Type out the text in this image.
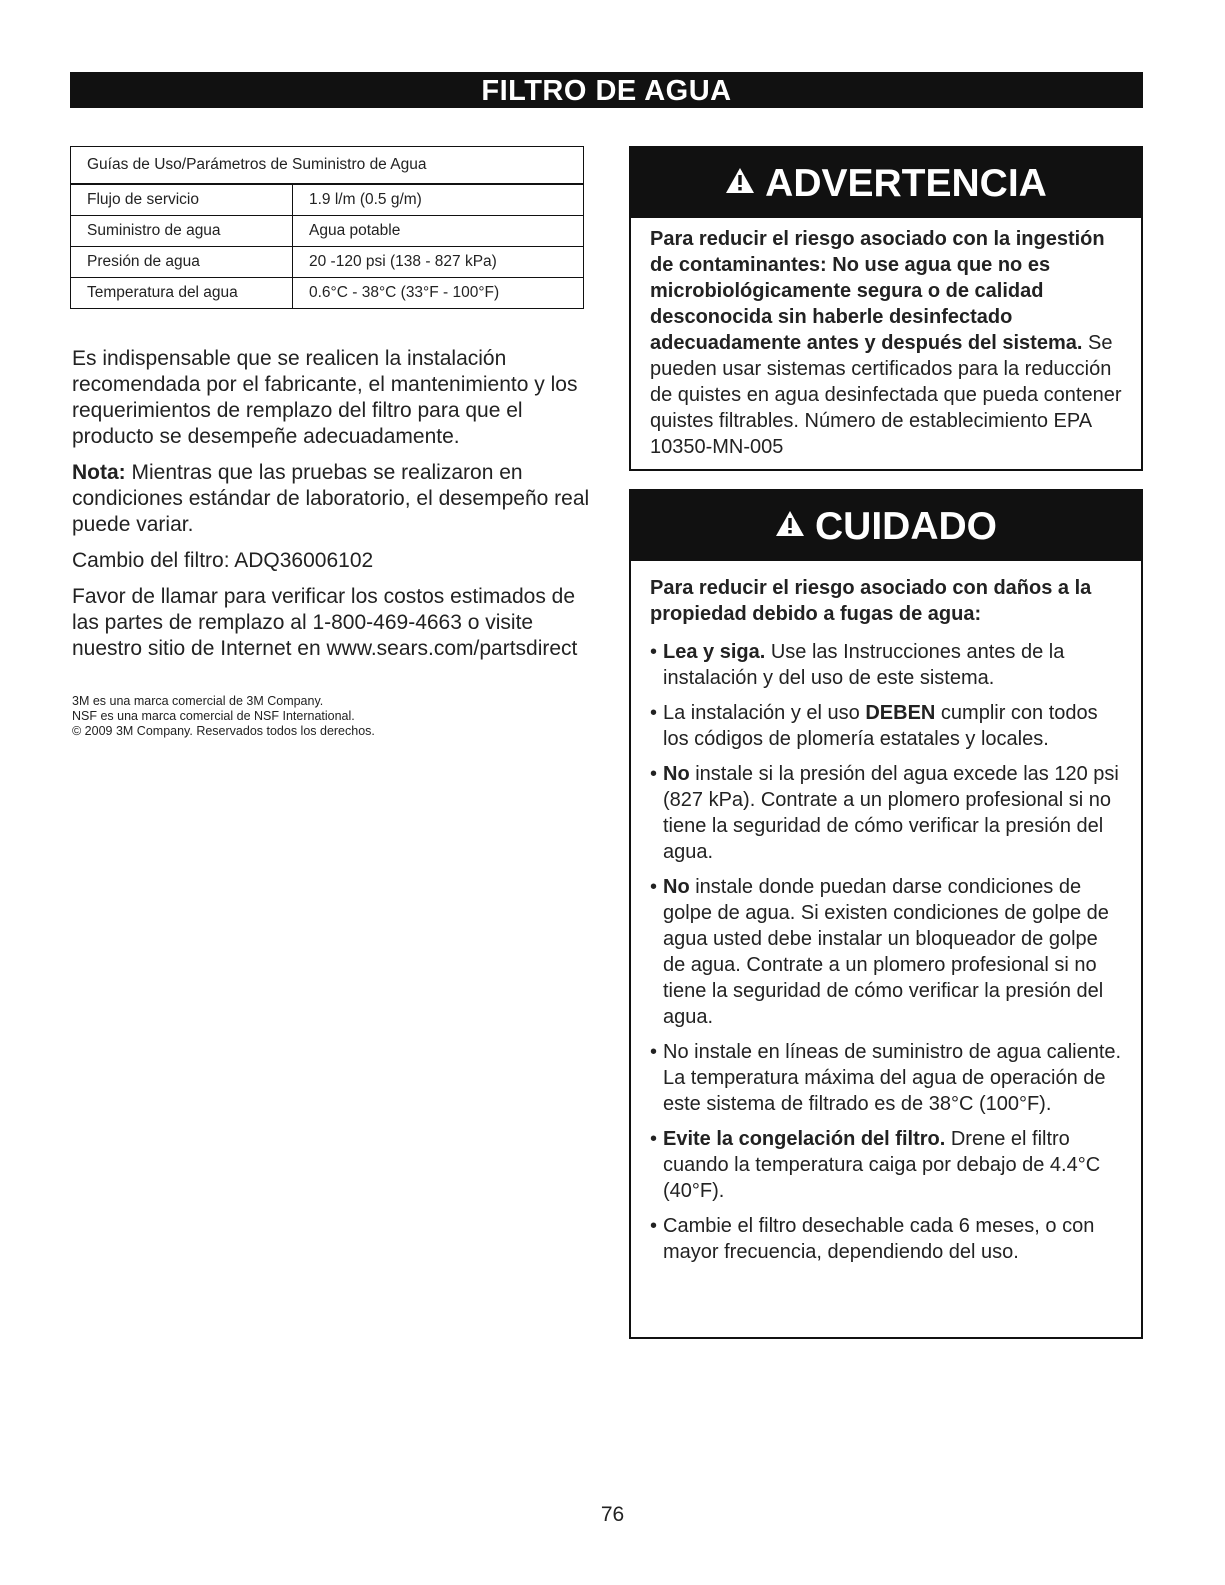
FILTRO DE AGUA
Guías de Uso/Parámetros de Suministro de Agua	
Flujo de servicio	1.9 l/m (0.5 g/m)
Suministro de agua	Agua potable
Presión de agua	20 -120 psi (138 - 827 kPa)
Temperatura del agua	0.6°C - 38°C (33°F - 100°F)

Es indispensable que se realicen la instalación recomendada por el fabricante, el mantenimiento y los requerimientos de remplazo del filtro para que el producto se desempeñe adecuadamente.

Nota: Mientras que las pruebas se realizaron en condiciones estándar de laboratorio, el desempeño real puede variar.

Cambio del filtro: ADQ36006102

Favor de llamar para verificar los costos estimados de las partes de remplazo al 1-800-469-4663 o visite nuestro sitio de Internet en www.sears.com/partsdirect

3M es una marca comercial de 3M Company.
NSF es una marca comercial de NSF International.
© 2009 3M Company. Reservados todos los derechos.
ADVERTENCIA
Para reducir el riesgo asociado con la ingestión de contaminantes: No use agua que no es microbiológicamente segura o de calidad desconocida sin haberle desinfectado adecuadamente antes y después del sistema. Se pueden usar sistemas certificados para la reducción de quistes en agua desinfectada que pueda contener quistes filtrables. Número de establecimiento EPA 10350-MN-005
CUIDADO

Para reducir el riesgo asociado con daños a la propiedad debido a fugas de agua:

• Lea y siga. Use las Instrucciones antes de la instalación y del uso de este sistema.
• La instalación y el uso DEBEN cumplir con todos los códigos de plomería estatales y locales.
• No instale si la presión del agua excede las 120 psi (827 kPa). Contrate a un plomero profesional si no tiene la seguridad de cómo verificar la presión del agua.
• No instale donde puedan darse condiciones de golpe de agua. Si existen condiciones de golpe de agua usted debe instalar un bloqueador de golpe de agua. Contrate a un plomero profesional si no tiene la seguridad de cómo verificar la presión del agua.
• No instale en líneas de suministro de agua caliente. La temperatura máxima del agua de operación de este sistema de filtrado es de 38°C (100°F).
• Evite la congelación del filtro. Drene el filtro cuando la temperatura caiga por debajo de 4.4°C (40°F).
• Cambie el filtro desechable cada 6 meses, o con mayor frecuencia, dependiendo del uso.
76
